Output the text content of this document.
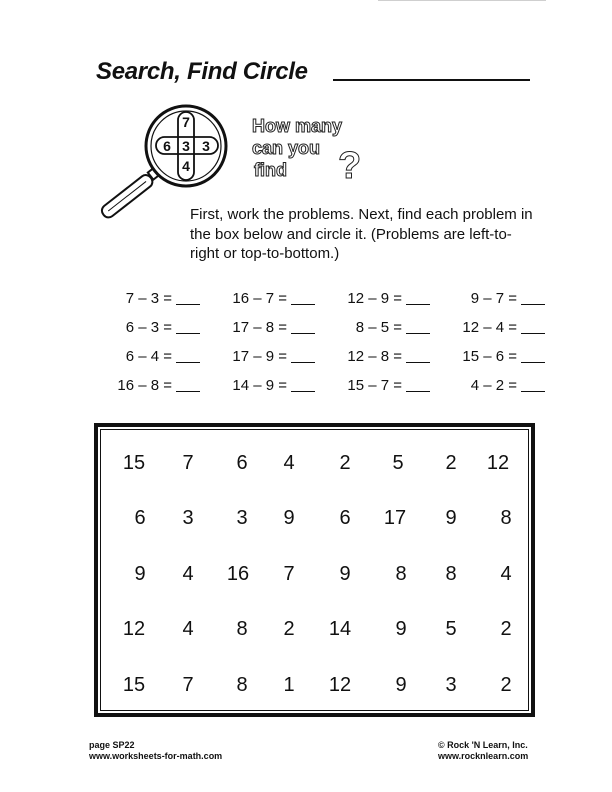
Search, Find Circle
7
6 3 3
4
How many
can you
find ?

First, work the problems. Next, find each problem in the box below and circle it. (Problems are left-to-right or top-to-bottom.)

7 – 3 =	16 – 7 =	12 – 9 =	9 – 7 =
6 – 3 =	17 – 8 =	8 – 5 =	12 – 4 =
6 – 4 =	17 – 9 =	12 – 8 =	15 – 6 =
16 – 8 =	14 – 9 =	15 – 7 =	4 – 2 =
15	7	6	4	2	5	2	12
6	3	3	9	6	17	9	8
9	4	16	7	9	8	8	4
12	4	8	2	14	9	5	2
15	7	8	1	12	9	3	2
page SP22
www.worksheets-for-math.com
© Rock 'N Learn, Inc.
www.rocknlearn.com
